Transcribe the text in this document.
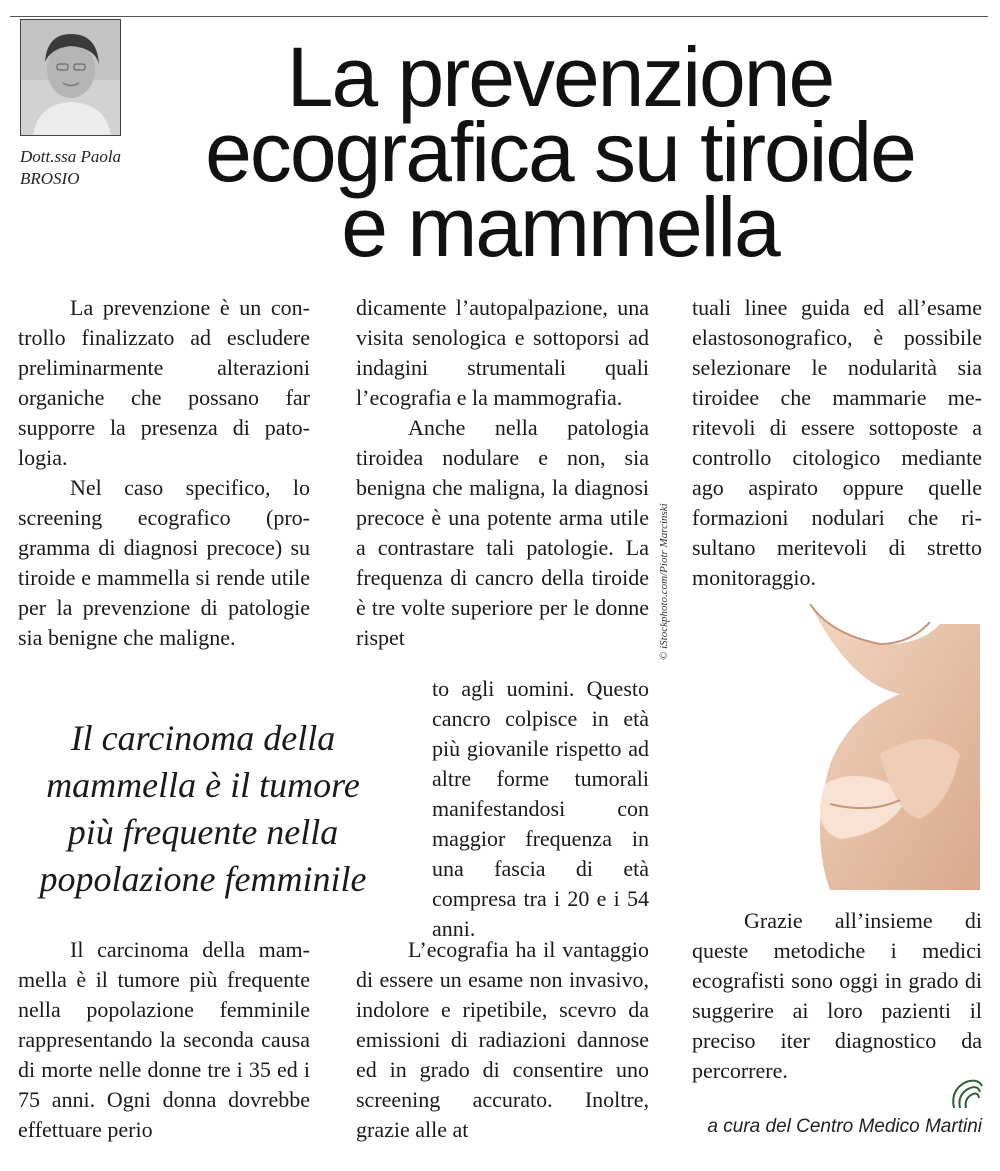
Dott.ssa Paola
BROSIO
La prevenzione
ecografica su tiroide
e mammella

La prevenzione è un controllo finalizzato ad escludere preliminarmente alterazioni organiche che possano far supporre la presenza di patologia.

Nel caso specifico, lo screening ecografico (programma di diagnosi precoce) su tiroide e mammella si rende utile per la prevenzione di patologie sia benigne che maligne.

Il carcinoma della
mammella è il tumore
più frequente nella
popolazione femminile

Il carcinoma della mammella è il tumore più frequente nella popolazione femminile rappresentando la seconda causa di morte nelle donne tre i 35 ed i 75 anni. Ogni donna dovrebbe effettuare perio

dicamente l’autopalpazione, una visita senologica e sottoporsi ad indagini strumentali quali l’ecografia e la mammografia.

Anche nella patologia tiroidea nodulare e non, sia benigna che maligna, la diagnosi precoce è una potente arma utile a contrastare tali patologie. La frequenza di cancro della tiroide è tre volte superiore per le donne rispet

to agli uomini. Questo cancro colpisce in età più giovanile rispetto ad altre forme tumorali manifestandosi con maggior frequenza in una fascia di età compresa tra i 20 e i 54 anni.

L’ecografia ha il vantaggio di essere un esame non invasivo, indolore e ripetibile, scevro da emissioni di radiazioni dannose ed in grado di consentire uno screening accurato. Inoltre, grazie alle at

tuali linee guida ed all’esame elastosonografico, è possibile selezionare le nodularità sia tiroidee che mammarie meritevoli di essere sottoposte a controllo citologico mediante ago aspirato oppure quelle formazioni nodulari che risultano meritevoli di stretto monitoraggio.

© iStockphoto.com/Piotr Marcinski

Grazie all’insieme di queste metodiche i medici ecografisti sono oggi in grado di suggerire ai loro pazienti il preciso iter diagnostico da percorrere.

a cura del Centro Medico Martini
